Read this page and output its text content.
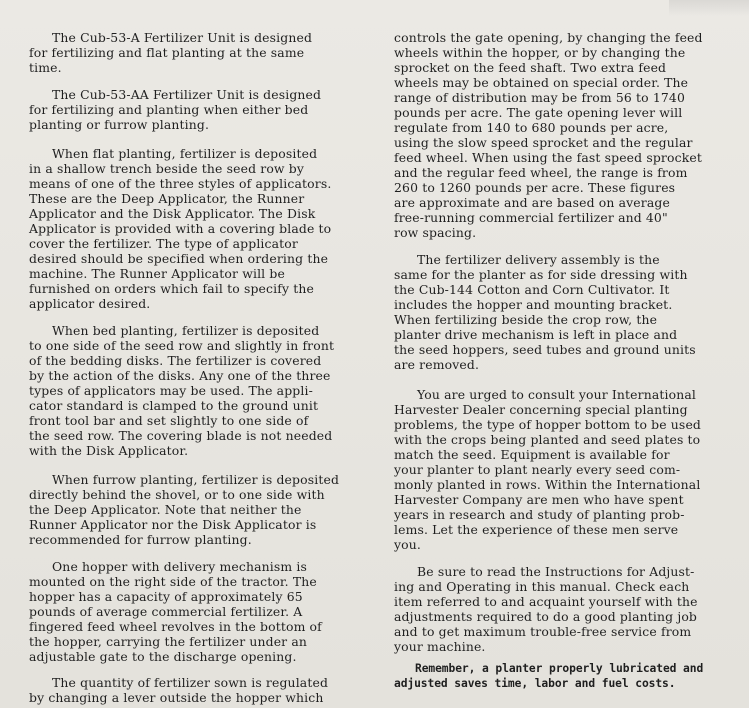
The Cub-53-A Fertilizer Unit is designed
for fertilizing and flat planting at the same
time.
The Cub-53-AA Fertilizer Unit is designed
for fertilizing and planting when either bed
planting or furrow planting.
When flat planting, fertilizer is deposited
in a shallow trench beside the seed row by
means of one of the three styles of applicators.
These are the Deep Applicator, the Runner
Applicator and the Disk Applicator. The Disk
Applicator is provided with a covering blade to
cover the fertilizer. The type of applicator
desired should be specified when ordering the
machine. The Runner Applicator will be
furnished on orders which fail to specify the
applicator desired.
When bed planting, fertilizer is deposited
to one side of the seed row and slightly in front
of the bedding disks. The fertilizer is covered
by the action of the disks. Any one of the three
types of applicators may be used. The appli-
cator standard is clamped to the ground unit
front tool bar and set slightly to one side of
the seed row. The covering blade is not needed
with the Disk Applicator.
When furrow planting, fertilizer is deposited
directly behind the shovel, or to one side with
the Deep Applicator. Note that neither the
Runner Applicator nor the Disk Applicator is
recommended for furrow planting.
One hopper with delivery mechanism is
mounted on the right side of the tractor. The
hopper has a capacity of approximately 65
pounds of average commercial fertilizer. A
fingered feed wheel revolves in the bottom of
the hopper, carrying the fertilizer under an
adjustable gate to the discharge opening.
The quantity of fertilizer sown is regulated
by changing a lever outside the hopper which
controls the gate opening, by changing the feed
wheels within the hopper, or by changing the
sprocket on the feed shaft. Two extra feed
wheels may be obtained on special order. The
range of distribution may be from 56 to 1740
pounds per acre. The gate opening lever will
regulate from 140 to 680 pounds per acre,
using the slow speed sprocket and the regular
feed wheel. When using the fast speed sprocket
and the regular feed wheel, the range is from
260 to 1260 pounds per acre. These figures
are approximate and are based on average
free-running commercial fertilizer and 40"
row spacing.
The fertilizer delivery assembly is the
same for the planter as for side dressing with
the Cub-144 Cotton and Corn Cultivator. It
includes the hopper and mounting bracket.
When fertilizing beside the crop row, the
planter drive mechanism is left in place and
the seed hoppers, seed tubes and ground units
are removed.
You are urged to consult your International
Harvester Dealer concerning special planting
problems, the type of hopper bottom to be used
with the crops being planted and seed plates to
match the seed. Equipment is available for
your planter to plant nearly every seed com-
monly planted in rows. Within the International
Harvester Company are men who have spent
years in research and study of planting prob-
lems. Let the experience of these men serve
you.
Be sure to read the Instructions for Adjust-
ing and Operating in this manual. Check each
item referred to and acquaint yourself with the
adjustments required to do a good planting job
and to get maximum trouble-free service from
your machine.
Remember, a planter properly lubricated and
adjusted saves time, labor and fuel costs.
